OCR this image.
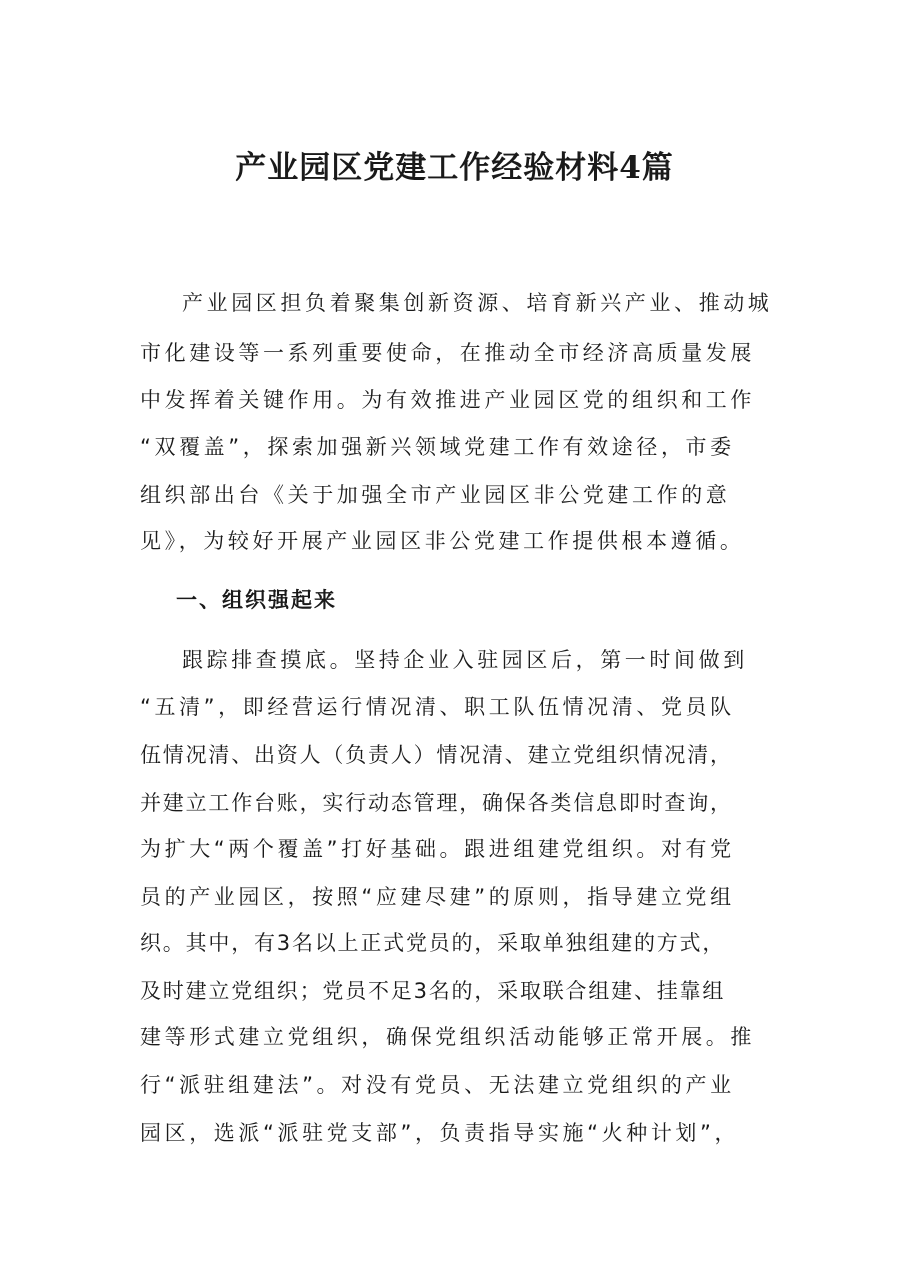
产业园区党建工作经验材料4篇
产业园区担负着聚集创新资源、培育新兴产业、推动城
市化建设等一系列重要使命，在推动全市经济高质量发展
中发挥着关键作用。为有效推进产业园区党的组织和工作
“双覆盖”，探索加强新兴领域党建工作有效途径，市委
组织部出台《关于加强全市产业园区非公党建工作的意
见》，为较好开展产业园区非公党建工作提供根本遵循。
一、组织强起来
跟踪排查摸底。坚持企业入驻园区后，第一时间做到
“五清”，即经营运行情况清、职工队伍情况清、党员队
伍情况清、出资人（负责人）情况清、建立党组织情况清，
并建立工作台账，实行动态管理，确保各类信息即时查询，
为扩大“两个覆盖”打好基础。跟进组建党组织。对有党
员的产业园区，按照“应建尽建”的原则，指导建立党组
织。其中，有3名以上正式党员的，采取单独组建的方式，
及时建立党组织；党员不足3名的，采取联合组建、挂靠组
建等形式建立党组织，确保党组织活动能够正常开展。推
行“派驻组建法”。对没有党员、无法建立党组织的产业
园区，选派“派驻党支部”，负责指导实施“火种计划”，
